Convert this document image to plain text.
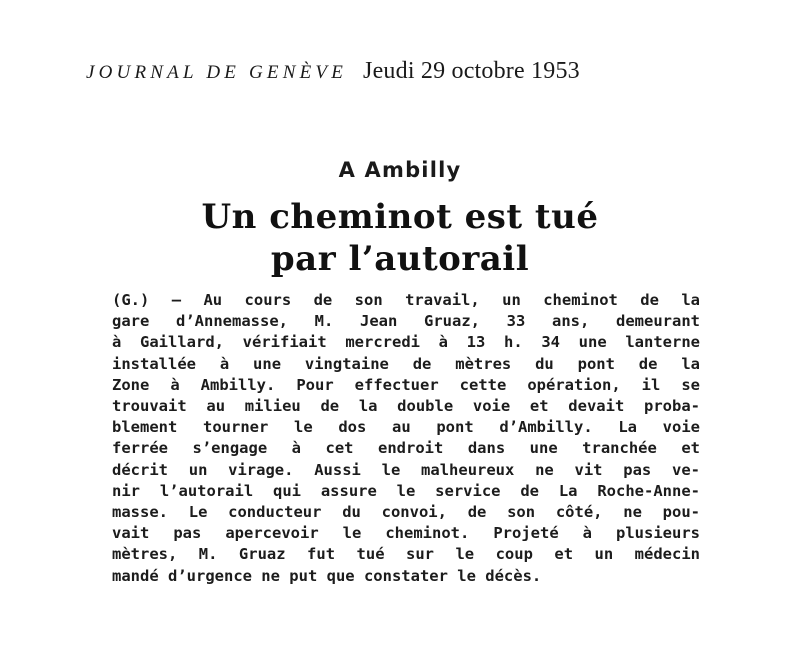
JOURNAL DE GENÈVE Jeudi 29 octobre 1953
A Ambilly
Un cheminot est tué
par l’autorail
(G.) — Au cours de son travail, un cheminot de la
gare d’Annemasse, M. Jean Gruaz, 33 ans, demeurant
à Gaillard, vérifiait mercredi à 13 h. 34 une lanterne
installée à une vingtaine de mètres du pont de la
Zone à Ambilly. Pour effectuer cette opération, il se
trouvait au milieu de la double voie et devait proba-
blement tourner le dos au pont d’Ambilly. La voie
ferrée s’engage à cet endroit dans une tranchée et
décrit un virage. Aussi le malheureux ne vit pas ve-
nir l’autorail qui assure le service de La Roche-Anne-
masse. Le conducteur du convoi, de son côté, ne pou-
vait pas apercevoir le cheminot. Projeté à plusieurs
mètres, M. Gruaz fut tué sur le coup et un médecin
mandé d’urgence ne put que constater le décès.
